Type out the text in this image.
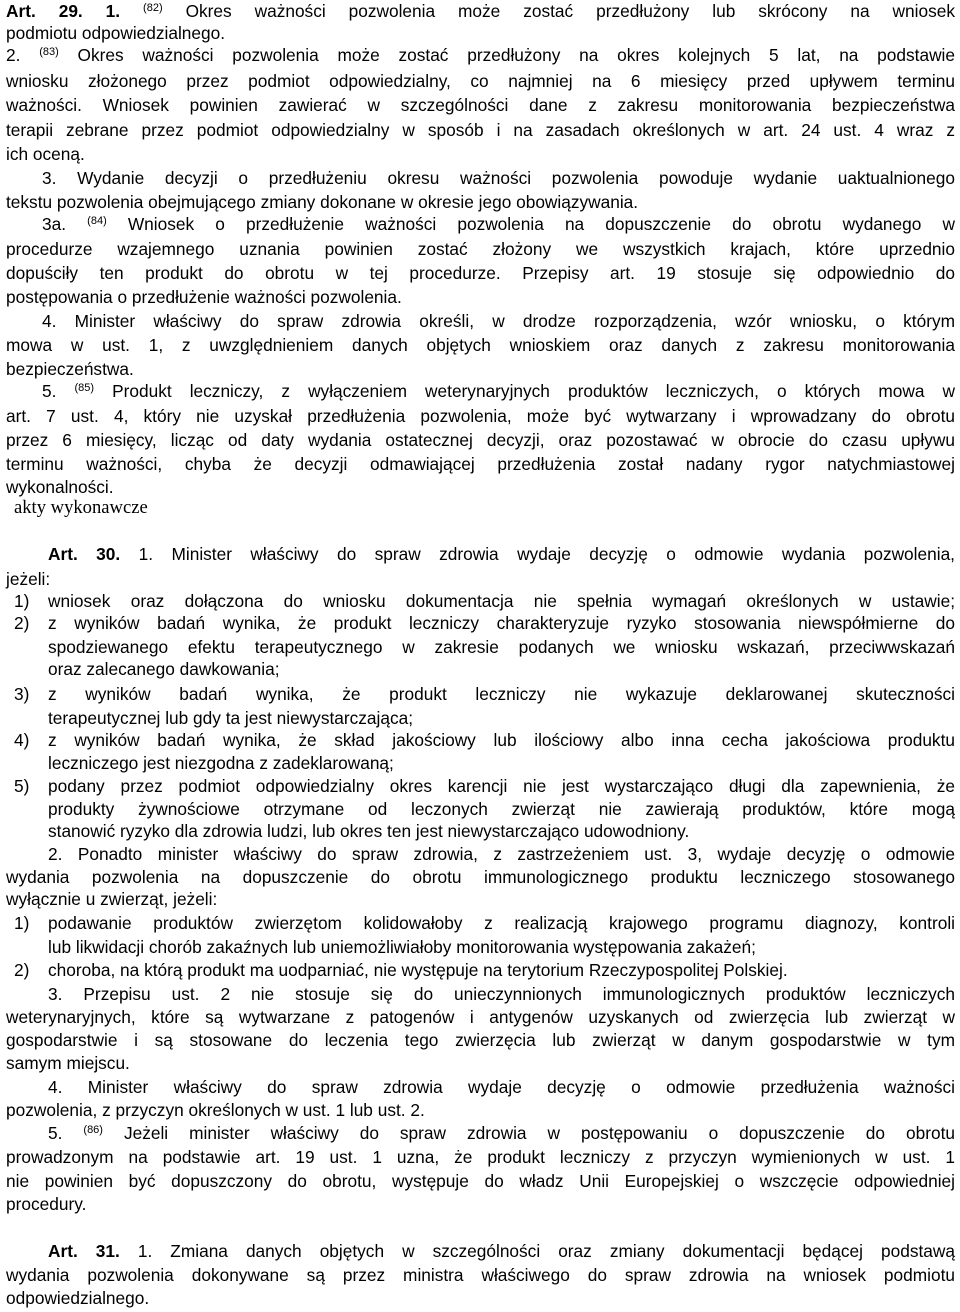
Art. 29. 1. $^{(82)}$ Okres ważności pozwolenia może zostać przedłużony lub skrócony na wniosek
podmiotu odpowiedzialnego.
2. $^{(83)}$ Okres ważności pozwolenia może zostać przedłużony na okres kolejnych 5 lat, na podstawie
wniosku złożonego przez podmiot odpowiedzialny, co najmniej na 6 miesięcy przed upływem terminu
ważności. Wniosek powinien zawierać w szczególności dane z zakresu monitorowania bezpieczeństwa
terapii zebrane przez podmiot odpowiedzialny w sposób i na zasadach określonych w art. 24 ust. 4 wraz z
ich oceną.
3. Wydanie decyzji o przedłużeniu okresu ważności pozwolenia powoduje wydanie uaktualnionego
tekstu pozwolenia obejmującego zmiany dokonane w okresie jego obowiązywania.
3a. $^{(84)}$ Wniosek o przedłużenie ważności pozwolenia na dopuszczenie do obrotu wydanego w
procedurze wzajemnego uznania powinien zostać złożony we wszystkich krajach, które uprzednio
dopuściły ten produkt do obrotu w tej procedurze. Przepisy art. 19 stosuje się odpowiednio do
postępowania o przedłużenie ważności pozwolenia.
4. Minister właściwy do spraw zdrowia określi, w drodze rozporządzenia, wzór wniosku, o którym
mowa w ust. 1, z uwzględnieniem danych objętych wnioskiem oraz danych z zakresu monitorowania
bezpieczeństwa.
5. $^{(85)}$ Produkt leczniczy, z wyłączeniem weterynaryjnych produktów leczniczych, o których mowa w
art. 7 ust. 4, który nie uzyskał przedłużenia pozwolenia, może być wytwarzany i wprowadzany do obrotu
przez 6 miesięcy, licząc od daty wydania ostatecznej decyzji, oraz pozostawać w obrocie do czasu upływu
terminu ważności, chyba że decyzji odmawiającej przedłużenia został nadany rygor natychmiastowej
wykonalności.
akty wykonawcze
Art. 30. 1. Minister właściwy do spraw zdrowia wydaje decyzję o odmowie wydania pozwolenia,
jeżeli:
1)	wniosek oraz dołączona do wniosku dokumentacja nie spełnia wymagań określonych w ustawie;
2)	z wyników badań wynika, że produkt leczniczy charakteryzuje ryzyko stosowania niewspółmierne do
spodziewanego efektu terapeutycznego w zakresie podanych we wniosku wskazań, przeciwwskazań
oraz zalecanego dawkowania;
3)	z wyników badań wynika, że produkt leczniczy nie wykazuje deklarowanej skuteczności
terapeutycznej lub gdy ta jest niewystarczająca;
4)	z wyników badań wynika, że skład jakościowy lub ilościowy albo inna cecha jakościowa produktu
leczniczego jest niezgodna z zadeklarowaną;
5)	podany przez podmiot odpowiedzialny okres karencji nie jest wystarczająco długi dla zapewnienia, że
produkty żywnościowe otrzymane od leczonych zwierząt nie zawierają produktów, które mogą
stanowić ryzyko dla zdrowia ludzi, lub okres ten jest niewystarczająco udowodniony.
2. Ponadto minister właściwy do spraw zdrowia, z zastrzeżeniem ust. 3, wydaje decyzję o odmowie
wydania pozwolenia na dopuszczenie do obrotu immunologicznego produktu leczniczego stosowanego
wyłącznie u zwierząt, jeżeli:
1)	podawanie produktów zwierzętom kolidowałoby z realizacją krajowego programu diagnozy, kontroli
lub likwidacji chorób zakaźnych lub uniemożliwiałoby monitorowania występowania zakażeń;
2)	choroba, na którą produkt ma uodparniać, nie występuje na terytorium Rzeczypospolitej Polskiej.
3. Przepisu ust. 2 nie stosuje się do unieczynnionych immunologicznych produktów leczniczych
weterynaryjnych, które są wytwarzane z patogenów i antygenów uzyskanych od zwierzęcia lub zwierząt w
gospodarstwie i są stosowane do leczenia tego zwierzęcia lub zwierząt w danym gospodarstwie w tym
samym miejscu.
4. Minister właściwy do spraw zdrowia wydaje decyzję o odmowie przedłużenia ważności
pozwolenia, z przyczyn określonych w ust. 1 lub ust. 2.
5. $^{(86)}$ Jeżeli minister właściwy do spraw zdrowia w postępowaniu o dopuszczenie do obrotu
prowadzonym na podstawie art. 19 ust. 1 uzna, że produkt leczniczy z przyczyn wymienionych w ust. 1
nie powinien być dopuszczony do obrotu, występuje do władz Unii Europejskiej o wszczęcie odpowiedniej
procedury.
Art. 31. 1. Zmiana danych objętych w szczególności oraz zmiany dokumentacji będącej podstawą
wydania pozwolenia dokonywane są przez ministra właściwego do spraw zdrowia na wniosek podmiotu
odpowiedzialnego.
